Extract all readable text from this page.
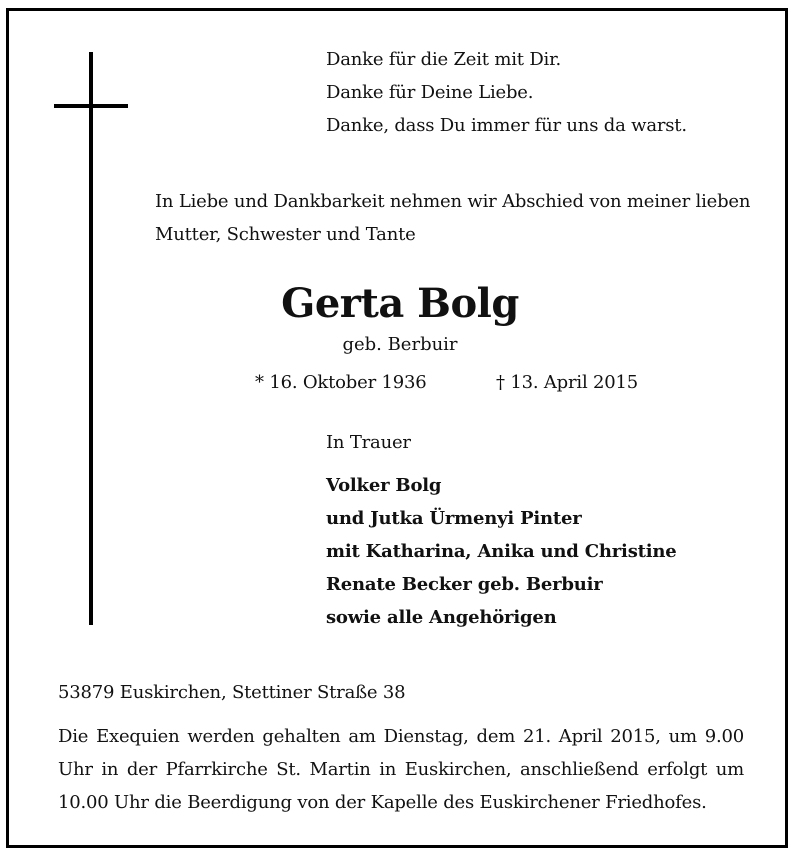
Danke für die Zeit mit Dir.
Danke für Deine Liebe.
Danke, dass Du immer für uns da warst.
In Liebe und Dankbarkeit nehmen wir Abschied von meiner lieben
Mutter, Schwester und Tante
Gerta Bolg

geb. Berbuir

* 16. Oktober 1936	† 13. April 2015

In Trauer

Volker Bolg
und Jutka Ürmenyi Pinter
mit Katharina, Anika und Christine
Renate Becker geb. Berbuir
sowie alle Angehörigen

53879 Euskirchen, Stettiner Straße 38

Die Exequien werden gehalten am Dienstag, dem 21. April 2015, um 9.00 Uhr in der Pfarrkirche St. Martin in Euskirchen, anschließend erfolgt um 10.00 Uhr die Beerdigung von der Kapelle des Euskirchener Friedhofes.
